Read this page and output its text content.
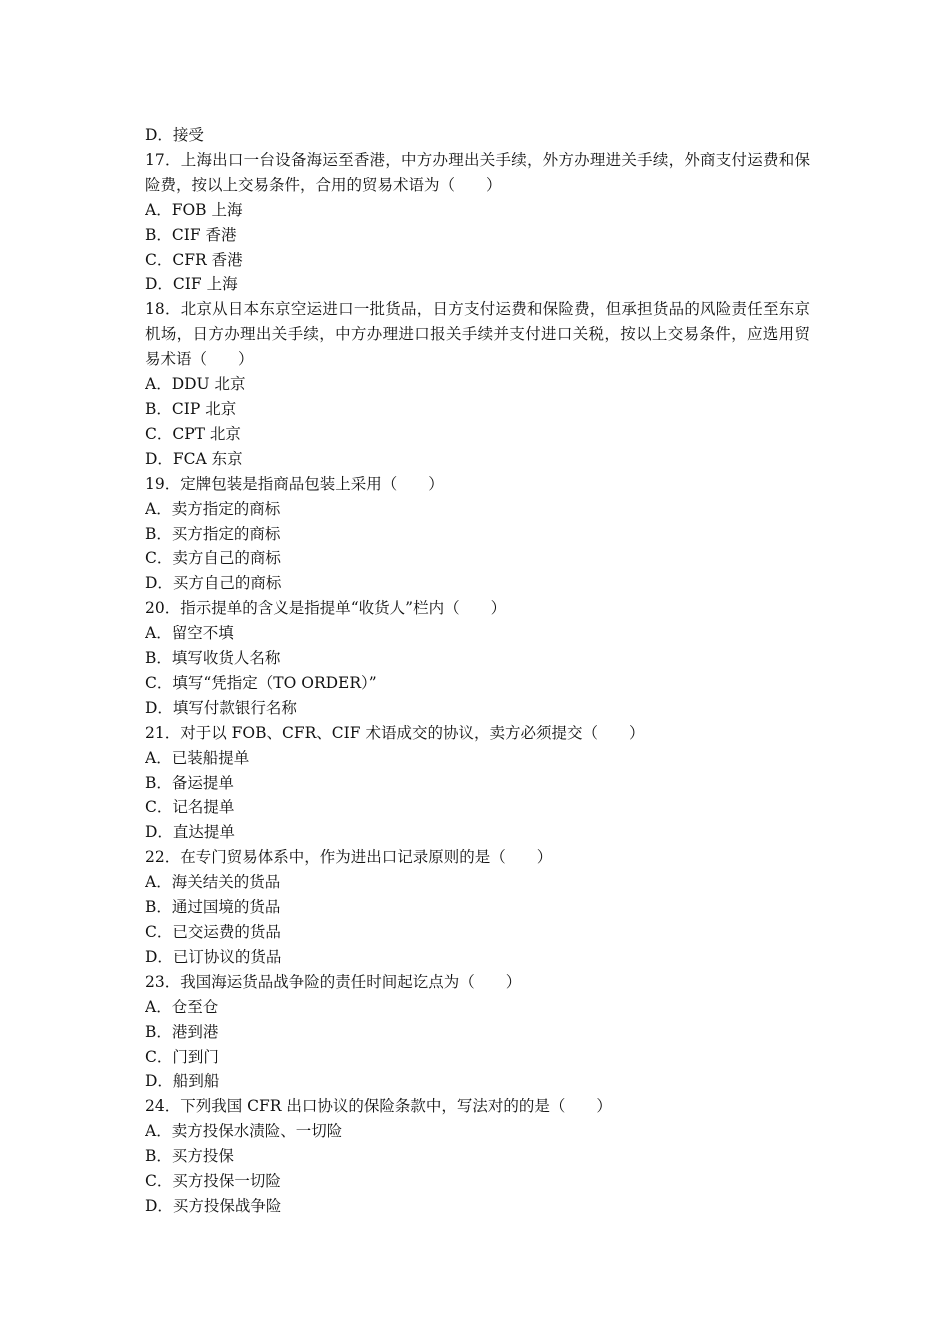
D．接受
17．上海出口一台设备海运至香港，中方办理出关手续，外方办理进关手续，外商支付运费和保险费，按以上交易条件，合用的贸易术语为（　　）
A．FOB 上海
B．CIF 香港
C．CFR 香港
D．CIF 上海
18．北京从日本东京空运进口一批货品，日方支付运费和保险费，但承担货品的风险责任至东京机场，日方办理出关手续，中方办理进口报关手续并支付进口关税，按以上交易条件，应选用贸易术语（　　）
A．DDU 北京
B．CIP 北京
C．CPT 北京
D．FCA 东京
19．定牌包装是指商品包装上采用（　　）
A．卖方指定的商标
B．买方指定的商标
C．卖方自己的商标
D．买方自己的商标
20．指示提单的含义是指提单“收货人”栏内（　　）
A．留空不填
B．填写收货人名称
C．填写“凭指定（TO ORDER）”
D．填写付款银行名称
21．对于以 FOB、CFR、CIF 术语成交的协议，卖方必须提交（　　）
A．已装船提单
B．备运提单
C．记名提单
D．直达提单
22．在专门贸易体系中，作为进出口记录原则的是（　　）
A．海关结关的货品
B．通过国境的货品
C．已交运费的货品
D．已订协议的货品
23．我国海运货品战争险的责任时间起讫点为（　　）
A．仓至仓
B．港到港
C．门到门
D．船到船
24．下列我国 CFR 出口协议的保险条款中，写法对的的是（　　）
A．卖方投保水渍险、一切险
B．买方投保
C．买方投保一切险
D．买方投保战争险
